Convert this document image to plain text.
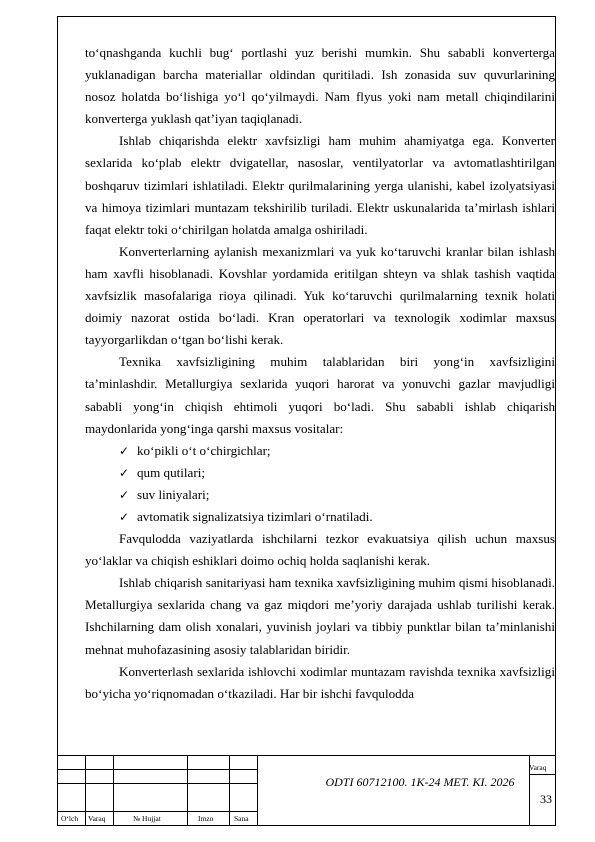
to‘qnashganda kuchli bug‘ portlashi yuz berishi mumkin. Shu sababli konverterga yuklanadigan barcha materiallar oldindan quritiladi. Ish zonasida suv quvurlarining nosoz holatda bo‘lishiga yo‘l qo‘yilmaydi. Nam flyus yoki nam metall chiqindilarini konverterga yuklash qat’iyan taqiqlanadi.

Ishlab chiqarishda elektr xavfsizligi ham muhim ahamiyatga ega. Konverter sexlarida ko‘plab elektr dvigatellar, nasoslar, ventilyatorlar va avtomatlashtirilgan boshqaruv tizimlari ishlatiladi. Elektr qurilmalarining yerga ulanishi, kabel izolyatsiyasi va himoya tizimlari muntazam tekshirilib turiladi. Elektr uskunalarida ta’mirlash ishlari faqat elektr toki o‘chirilgan holatda amalga oshiriladi.

Konverterlarning aylanish mexanizmlari va yuk ko‘taruvchi kranlar bilan ishlash ham xavfli hisoblanadi. Kovshlar yordamida eritilgan shteyn va shlak tashish vaqtida xavfsizlik masofalariga rioya qilinadi. Yuk ko‘taruvchi qurilmalarning texnik holati doimiy nazorat ostida bo‘ladi. Kran operatorlari va texnologik xodimlar maxsus tayyorgarlikdan o‘tgan bo‘lishi kerak.

Texnika xavfsizligining muhim talablaridan biri yong‘in xavfsizligini ta’minlashdir. Metallurgiya sexlarida yuqori harorat va yonuvchi gazlar mavjudligi sababli yong‘in chiqish ehtimoli yuqori bo‘ladi. Shu sababli ishlab chiqarish maydonlarida yong‘inga qarshi maxsus vositalar:

✓ ko‘pikli o‘t o‘chirgichlar;
✓ qum qutilari;
✓ suv liniyalari;
✓ avtomatik signalizatsiya tizimlari o‘rnatiladi.

Favqulodda vaziyatlarda ishchilarni tezkor evakuatsiya qilish uchun maxsus yo‘laklar va chiqish eshiklari doimo ochiq holda saqlanishi kerak.

Ishlab chiqarish sanitariyasi ham texnika xavfsizligining muhim qismi hisoblanadi. Metallurgiya sexlarida chang va gaz miqdori me’yoriy darajada ushlab turilishi kerak. Ishchilarning dam olish xonalari, yuvinish joylari va tibbiy punktlar bilan ta’minlanishi mehnat muhofazasining asosiy talablaridan biridir.

Konverterlash sexlarida ishlovchi xodimlar muntazam ravishda texnika xavfsizligi bo‘yicha yo‘riqnomadan o‘tkaziladi. Har bir ishchi favqulodda

O‘lch Varaq	№ Hujjat	Imzo	Sana
ODTI 60712100. 1K-24 MET. KI. 2026
Varaq
33
